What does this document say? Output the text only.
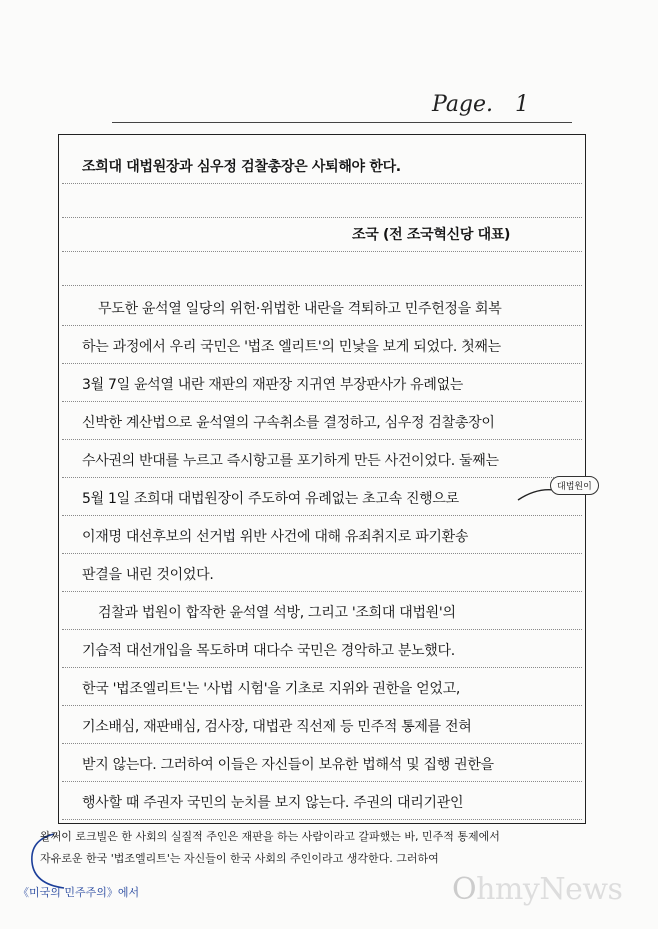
Page. 1
조희대 대법원장과 심우정 검찰총장은 사퇴해야 한다.
조국 (전 조국혁신당 대표)
무도한 윤석열 일당의 위헌·위법한 내란을 격퇴하고 민주헌정을 회복
하는 과정에서 우리 국민은 '법조 엘리트'의 민낯을 보게 되었다. 첫째는
3월 7일 윤석열 내란 재판의 재판장 지귀연 부장판사가 유례없는
신박한 계산법으로 윤석열의 구속취소를 결정하고, 심우정 검찰총장이
수사권의 반대를 누르고 즉시항고를 포기하게 만든 사건이었다. 둘째는
5월 1일 조희대 대법원장이 주도하여 유례없는 초고속 진행으로
이재명 대선후보의 선거법 위반 사건에 대해 유죄취지로 파기환송
판결을 내린 것이었다.
검찰과 법원이 합작한 윤석열 석방, 그리고 '조희대 대법원'의
기습적 대선개입을 목도하며 대다수 국민은 경악하고 분노했다.
한국 '법조엘리트'는 '사법 시험'을 기초로 지위와 권한을 얻었고,
기소배심, 재판배심, 검사장, 대법관 직선제 등 민주적 통제를 전혀
받지 않는다. 그러하여 이들은 자신들이 보유한 법해석 및 집행 권한을
행사할 때 주권자 국민의 눈치를 보지 않는다. 주권의 대리기관인
대법원이
왈쩌이 로크빌은 한 사회의 실질적 주인은 재판을 하는 사람이라고 갈파했는 바, 민주적 통제에서
자유로운 한국 '법조엘리트'는 자신들이 한국 사회의 주인이라고 생각한다. 그러하여
《미국의 민주주의》에서	OhmyNews
